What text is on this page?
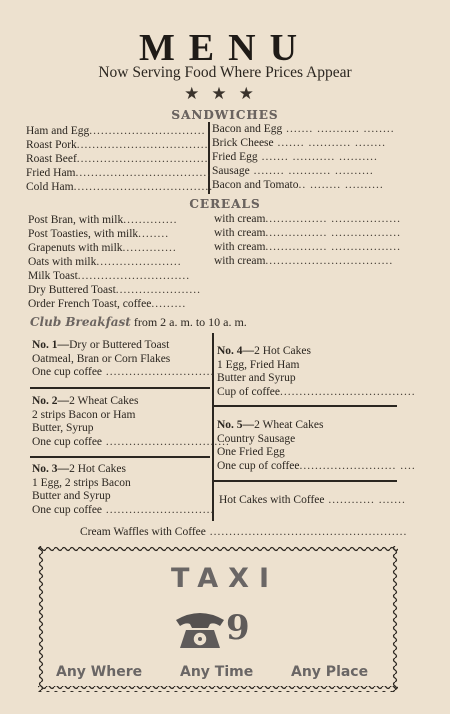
MENU
Now Serving Food Where Prices Appear
★★★
SANDWICHES
Ham and Egg..............................
Roast Pork..................................
Roast Beef..................................
Fried Ham...................................
Cold Ham....................................
Bacon and Egg ....... ........... ........
Brick Cheese ....... ........... ........
Fried Egg ....... ........... ..........
Sausage ........ ........... ..........
Bacon and Tomato.. ........ ..........
CEREALS
Post Bran, with milk..............
Post Toasties, with milk........
Grapenuts with milk..............
Oats with milk......................
Milk Toast.............................
Dry Buttered Toast......................
Order French Toast, coffee.........
with cream................ ..................
with cream................ ..................
with cream................ ..................
with cream.................................
Club Breakfast from 2 a. m. to 10 a. m.
No. 1—Dry or Buttered Toast
Oatmeal, Bran or Corn Flakes
One cup coffee ............................
No. 2—2 Wheat Cakes
2 strips Bacon or Ham
Butter, Syrup
One cup coffee ................................
No. 3—2 Hot Cakes
1 Egg, 2 strips Bacon
Butter and Syrup
One cup coffee ............................
No. 4—2 Hot Cakes
1 Egg, Fried Ham
Butter and Syrup
Cup of coffee...................................
No. 5—2 Wheat Cakes
Country Sausage
One Fried Egg
One cup of coffee......................... ....
Hot Cakes with Coffee ............ .......
Cream Waffles with Coffee ...................................................
TAXI
9
Any Where	Any Time	Any Place
